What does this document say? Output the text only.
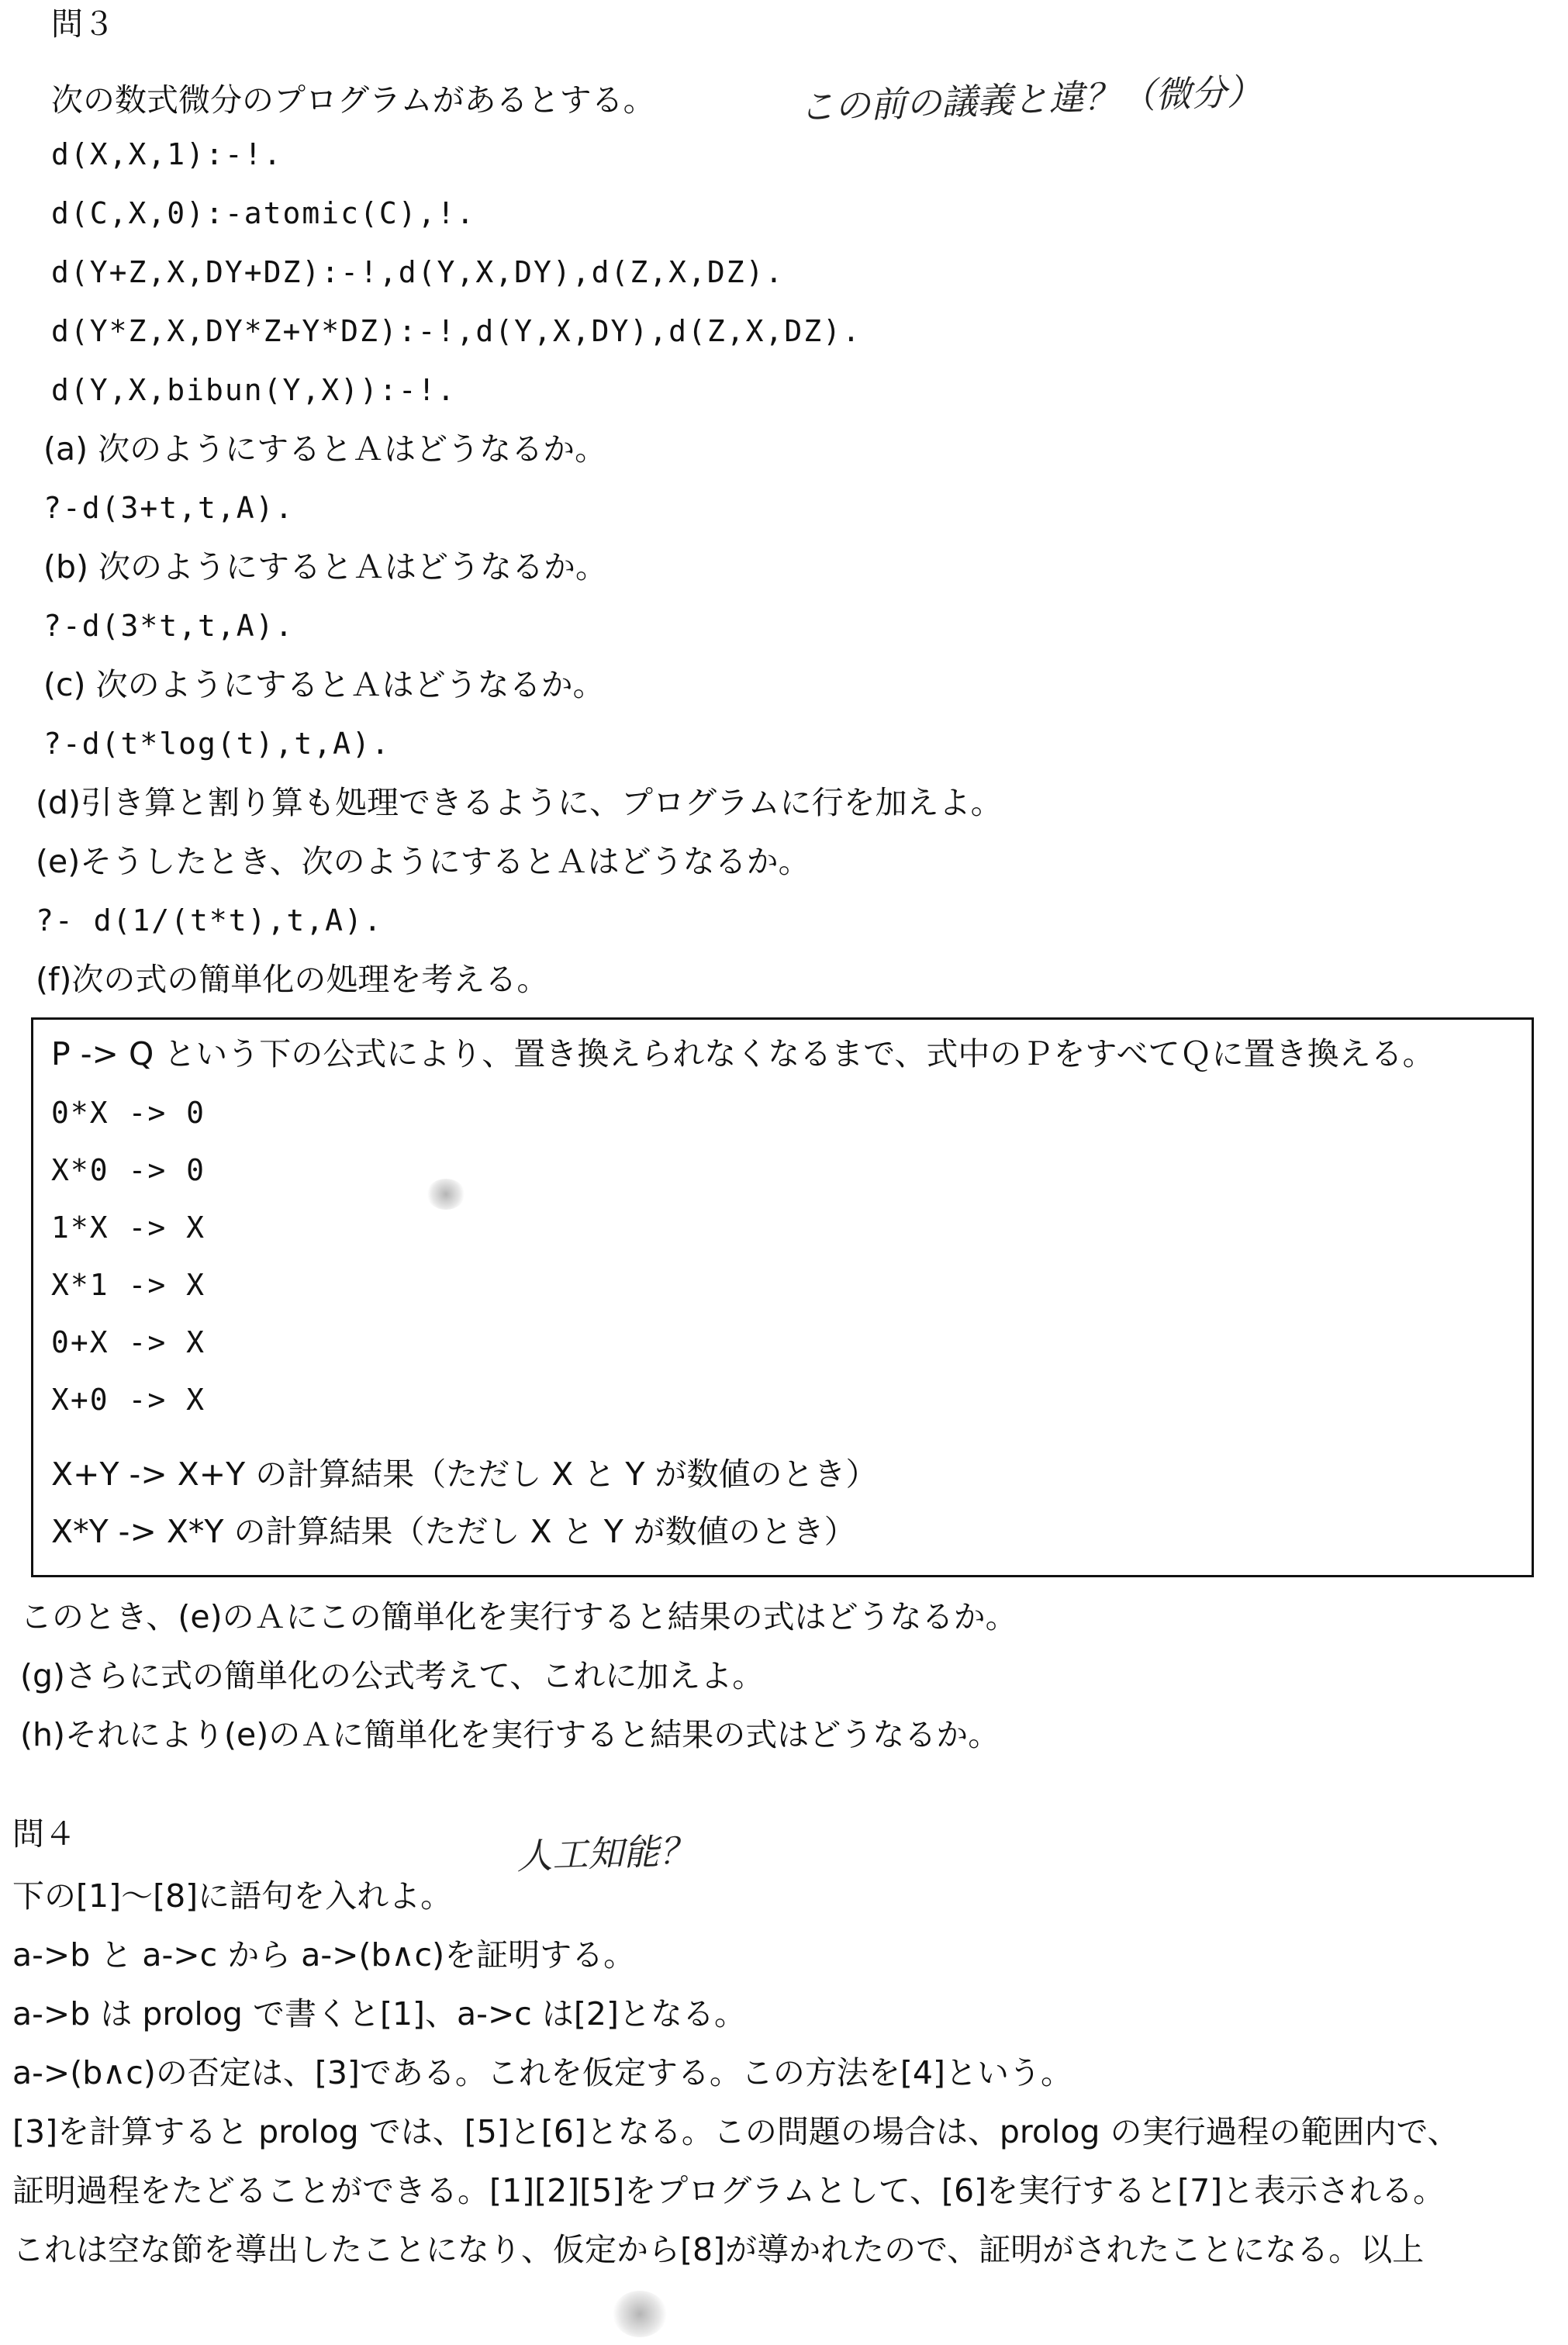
問３
次の数式微分のプログラムがあるとする。	この前の議義と違？（微分）
d(X,X,1):-!.
d(C,X,0):-atomic(C),!.
d(Y+Z,X,DY+DZ):-!,d(Y,X,DY),d(Z,X,DZ).
d(Y*Z,X,DY*Z+Y*DZ):-!,d(Y,X,DY),d(Z,X,DZ).
d(Y,X,bibun(Y,X)):-!.
(a) 次のようにするとＡはどうなるか。
?-d(3+t,t,A).
(b) 次のようにするとＡはどうなるか。
?-d(3*t,t,A).
(c) 次のようにするとＡはどうなるか。
?-d(t*log(t),t,A).
(d)引き算と割り算も処理できるように、プログラムに行を加えよ。
(e)そうしたとき、次のようにするとＡはどうなるか。
?- d(1/(t*t),t,A).
(f)次の式の簡単化の処理を考える。
P -> Q という下の公式により、置き換えられなくなるまで、式中のＰをすべてＱに置き換える。
0*X -> 0
X*0 -> 0
1*X -> X
X*1 -> X
0+X -> X
X+0 -> X
X+Y -> X+Y の計算結果（ただし X と Y が数値のとき）
X*Y -> X*Y の計算結果（ただし X と Y が数値のとき）
このとき、(e)のＡにこの簡単化を実行すると結果の式はどうなるか。
(g)さらに式の簡単化の公式考えて、これに加えよ。
(h)それにより(e)のＡに簡単化を実行すると結果の式はどうなるか。
問４	人工知能？
下の[1]～[8]に語句を入れよ。
a->b と a->c から a->(b∧c)を証明する。
a->b は prolog で書くと[1]、a->c は[2]となる。
a->(b∧c)の否定は、[3]である。これを仮定する。この方法を[4]という。
[3]を計算すると prolog では、[5]と[6]となる。この問題の場合は、prolog の実行過程の範囲内で、
証明過程をたどることができる。[1][2][5]をプログラムとして、[6]を実行すると[7]と表示される。
これは空な節を導出したことになり、仮定から[8]が導かれたので、証明がされたことになる。以上
